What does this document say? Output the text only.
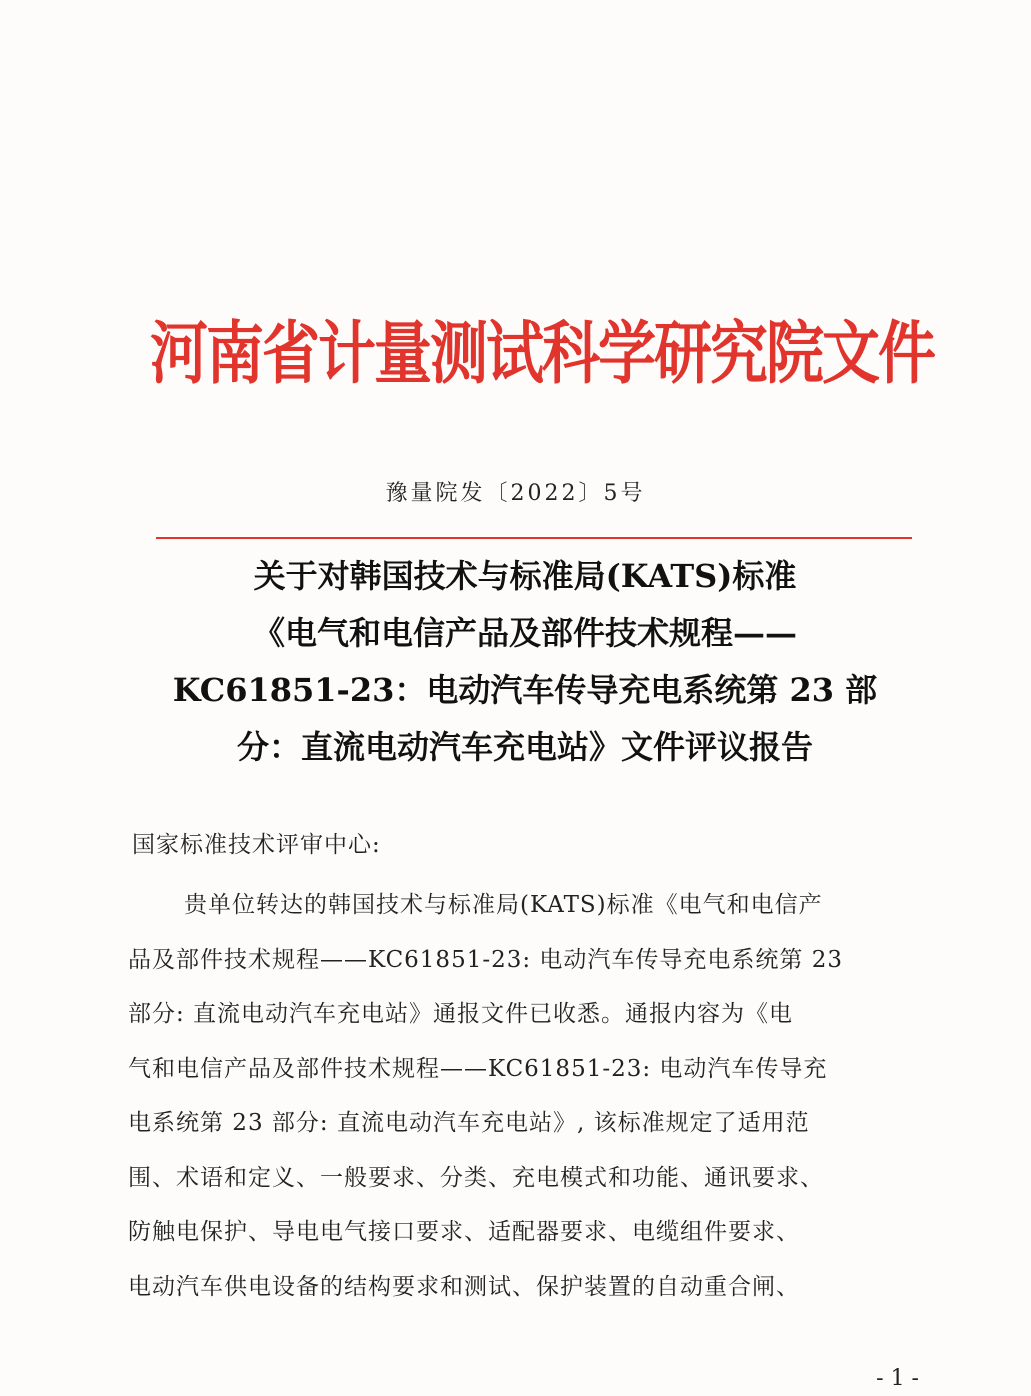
河南省计量测试科学研究院文件
豫量院发〔2022〕5号
关于对韩国技术与标准局(KATS)标准
《电气和电信产品及部件技术规程——
KC61851-23：电动汽车传导充电系统第 23 部
分：直流电动汽车充电站》文件评议报告
国家标准技术评审中心:
贵单位转达的韩国技术与标准局(KATS)标准《电气和电信产
品及部件技术规程——KC61851-23: 电动汽车传导充电系统第 23
部分: 直流电动汽车充电站》通报文件已收悉。通报内容为《电
气和电信产品及部件技术规程——KC61851-23: 电动汽车传导充
电系统第 23 部分: 直流电动汽车充电站》, 该标准规定了适用范
围、术语和定义、一般要求、分类、充电模式和功能、通讯要求、
防触电保护、导电电气接口要求、适配器要求、电缆组件要求、
电动汽车供电设备的结构要求和测试、保护装置的自动重合闸、
- 1 -
